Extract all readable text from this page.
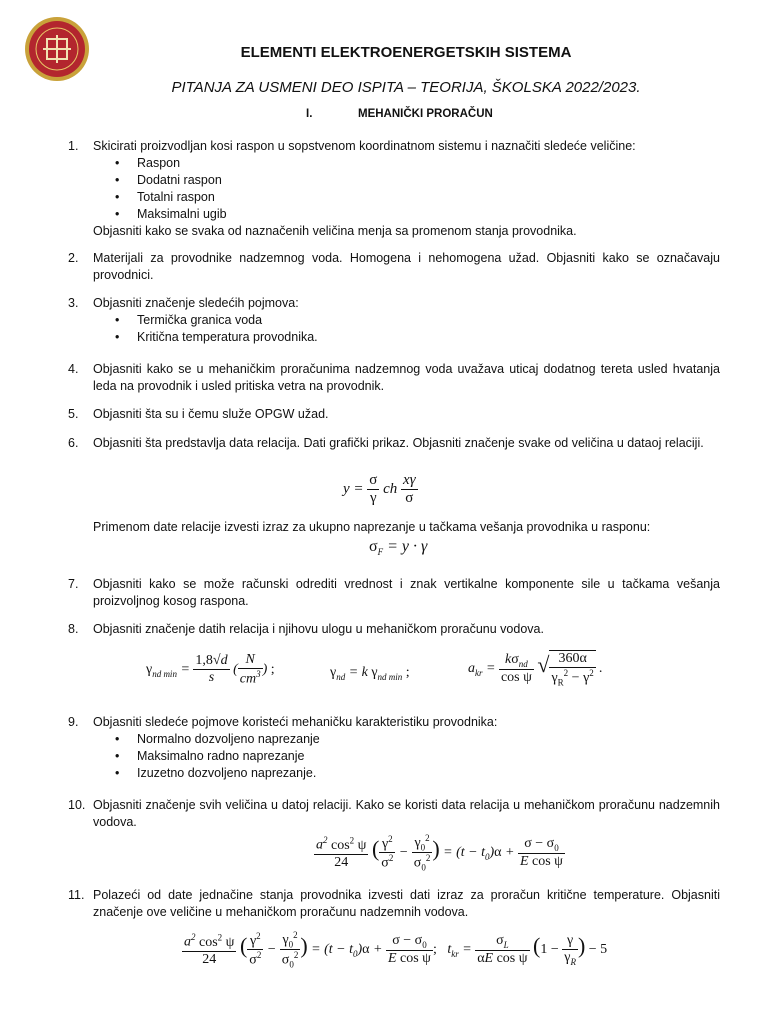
ELEMENTI ELEKTROENERGETSKIH SISTEMA
PITANJA ZA USMENI DEO ISPITA – TEORIJA, ŠKOLSKA 2022/2023.
I.	MEHANIČKI PRORAČUN
1. Skicirati proizvodljan kosi raspon u sopstvenom koordinatnom sistemu i naznačiti sledeće veličine:
• Raspon
• Dodatni raspon
• Totalni raspon
• Maksimalni ugib
Objasniti kako se svaka od naznačenih veličina menja sa promenom stanja provodnika.
2. Materijali za provodnike nadzemnog voda. Homogena i nehomogena užad. Objasniti kako se označavaju provodnici.
3. Objasniti značenje sledećih pojmova:
• Termička granica voda
• Kritična temperatura provodnika.
4. Objasniti kako se u mehaničkim proračunima nadzemnog voda uvažava uticaj dodatnog tereta usled hvatanja leda na provodnik i usled pritiska vetra na provodnik.
5. Objasniti šta su i čemu služe OPGW užad.
6. Objasniti šta predstavlja data relacija. Dati grafički prikaz. Objasniti značenje svake od veličina u dataoj relaciji.
Primenom date relacije izvesti izraz za ukupno naprezanje u tačkama vešanja provodnika u rasponu:
7. Objasniti kako se može računski odrediti vrednost i znak vertikalne komponente sile u tačkama vešanja proizvoljnog kosog raspona.
8. Objasniti značenje datih relacija i njihovu ulogu u mehaničkom proračunu vodova.
9. Objasniti sledeće pojmove koristeći mehaničku karakteristiku provodnika:
• Normalno dozvoljeno naprezanje
• Maksimalno radno naprezanje
• Izuzetno dozvoljeno naprezanje.
10. Objasniti značenje svih veličina u datoj relaciji. Kako se koristi data relacija u mehaničkom proračunu nadzemnih vodova.
11. Polazeći od date jednačine stanja provodnika izvesti dati izraz za proračun kritične temperature. Objasniti značenje ove veličine u mehaničkom proračunu nadzemnih vodova.
$y = \frac{\sigma}{\gamma}$ ch $\frac{x\gamma}{\sigma}$
$\sigma_F = y \cdot \gamma$
$\gamma_{nd min} = \frac{1,8√d}{s}$ ( $\frac{N}{cm^3}$ ) ;	$\gamma_{nd} = k$ $\gamma_{nd min}$ ;	$a_{kr} = \frac{k\sigma_{nd}}{\text{cos ψ}}$ √ $\frac{360\alpha}{\gamma_R^2 - \gamma^2}$ .
$\frac{a^2 \cos^2 \psi}{24}$ ( $\frac{\gamma^2}{\sigma^2} - \frac{\gamma_0^2}{\sigma_0^2}$ ) = $(t - t_0)\alpha + \frac{\sigma - \sigma_0}{\text{E cos ψ}}$
$\frac{a^2 \cos^2 \psi}{24}$ ( $\frac{\gamma^2}{\sigma^2} - \frac{\gamma_0^2}{\sigma_0^2}$ ) = $(t - t_0)\alpha + \frac{\sigma - \sigma_0}{\text{E cos ψ}}$ ;   $t_{kr} = \frac{\sigma_L}{\text{αE cos ψ}} (1 - \frac{\gamma}{\gamma_R}$ ) − 5
